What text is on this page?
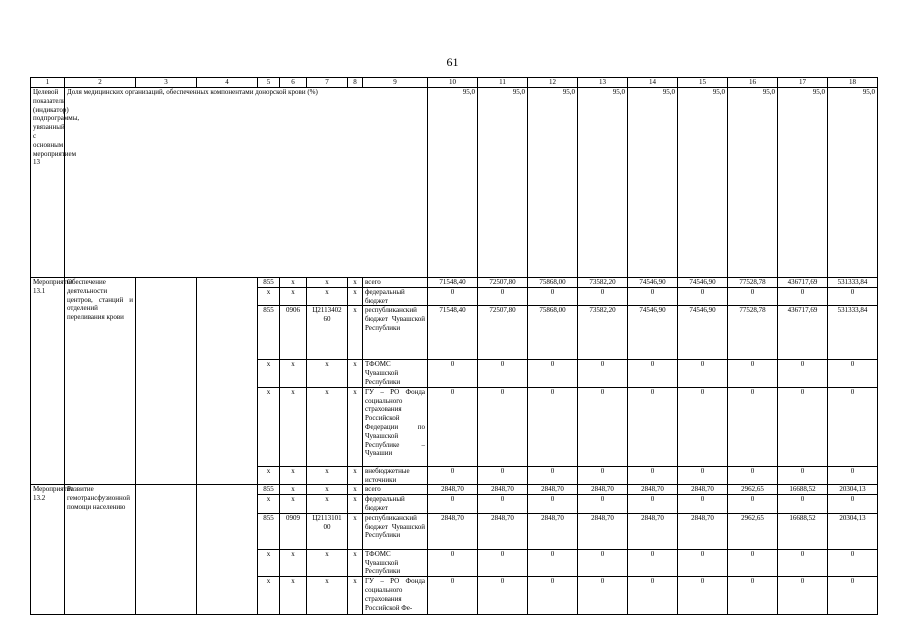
61
1	2	3	4	5	6	7	8	9	10	11	12	13	14	15	16	17	18
Целевой показатель (индикатор) подпрограммы, увязанный с основным мероприятием 13	Доля медицинских организаций, обеспеченных компонентами донорской крови (%)								95,0	95,0	95,0	95,0	95,0	95,0	95,0	95,0	95,0
Мероприятие 13.1	Обеспечение деятельности центров, станций и отделений переливания крови			855	x	x	x	всего	71548,40	72507,80	75868,00	73582,20	74546,90	74546,90	77528,78	436717,69	531333,84
				x	x	x	x	федеральный бюджет	0	0	0	0	0	0	0	0	0
				855	0906	Ц2113402 60	x	республиканский бюджет Чувашской Республики	71548,40	72507,80	75868,00	73582,20	74546,90	74546,90	77528,78	436717,69	531333,84
				x	x	x	x	ТФОМС Чувашской Республики	0	0	0	0	0	0	0	0	0
				x	x	x	x	ГУ – РО Фонда социального страхования Российской Федерации по Чувашской Республике – Чувашии	0	0	0	0	0	0	0	0	0
				x	x	x	x	внебюджетные источники	0	0	0	0	0	0	0	0	0
Мероприятие 13.2	Развитие гемотрансфузионной помощи населению			855	x	x	x	всего	2848,70	2848,70	2848,70	2848,70	2848,70	2848,70	2962,65	16688,52	20304,13
				x	x	x	x	федеральный бюджет	0	0	0	0	0	0	0	0	0
				855	0909	Ц2113101 00	x	республиканский бюджет Чувашской Республики	2848,70	2848,70	2848,70	2848,70	2848,70	2848,70	2962,65	16688,52	20304,13
				x	x	x	x	ТФОМС Чувашской Республики	0	0	0	0	0	0	0	0	0
				x	x	x	x	ГУ – РО Фонда социального страхования Российской Фе-	0	0	0	0	0	0	0	0	0
